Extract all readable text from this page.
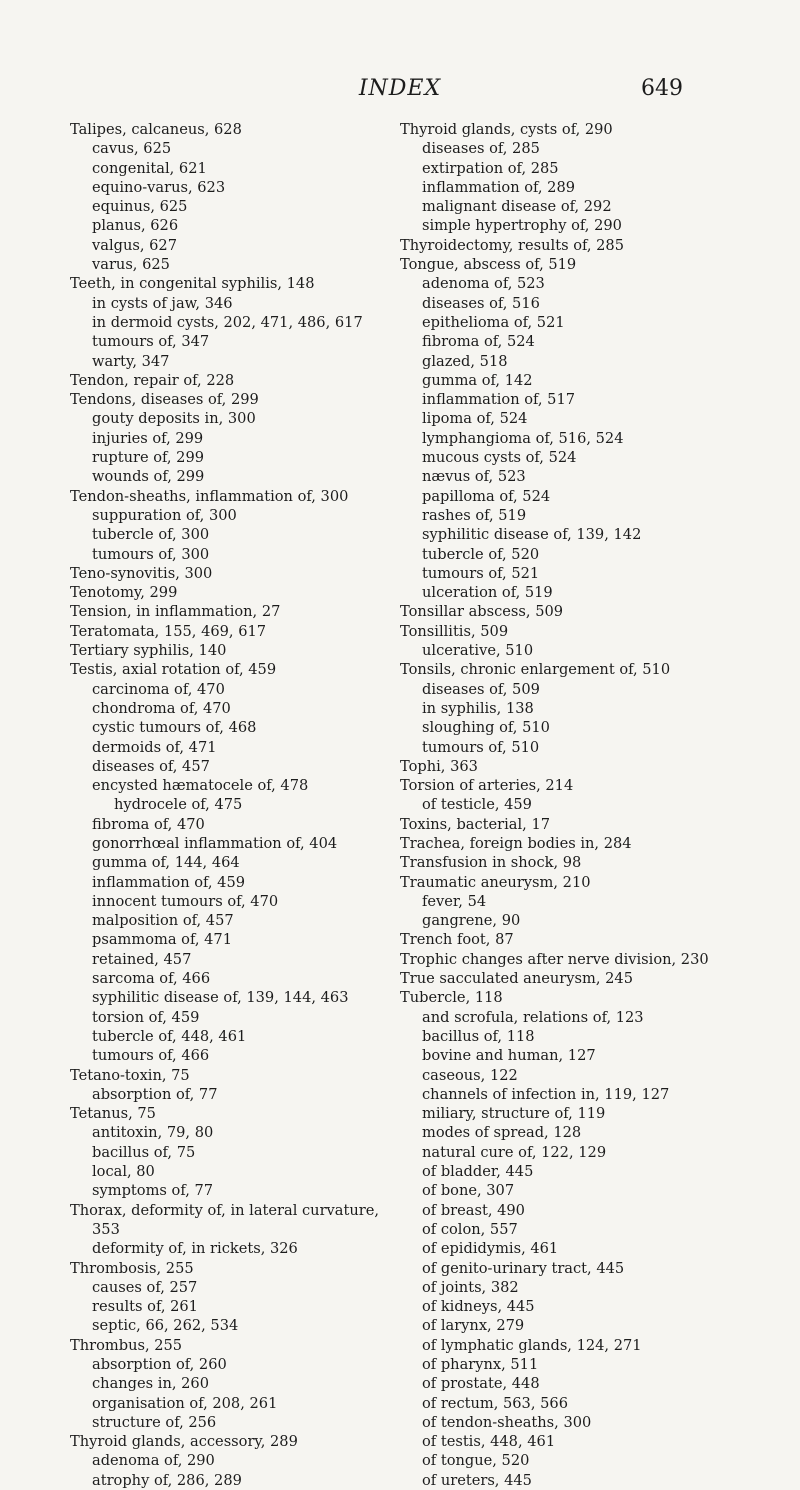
INDEX	649
Talipes, calcaneus, 628
cavus, 625
congenital, 621
equino-varus, 623
equinus, 625
planus, 626
valgus, 627
varus, 625
Teeth, in congenital syphilis, 148
in cysts of jaw, 346
in dermoid cysts, 202, 471, 486, 617
tumours of, 347
warty, 347
Tendon, repair of, 228
Tendons, diseases of, 299
gouty deposits in, 300
injuries of, 299
rupture of, 299
wounds of, 299
Tendon-sheaths, inflammation of, 300
suppuration of, 300
tubercle of, 300
tumours of, 300
Teno-synovitis, 300
Tenotomy, 299
Tension, in inflammation, 27
Teratomata, 155, 469, 617
Tertiary syphilis, 140
Testis, axial rotation of, 459
carcinoma of, 470
chondroma of, 470
cystic tumours of, 468
dermoids of, 471
diseases of, 457
encysted hæmatocele of, 478
hydrocele of, 475
fibroma of, 470
gonorrhœal inflammation of, 404
gumma of, 144, 464
inflammation of, 459
innocent tumours of, 470
malposition of, 457
psammoma of, 471
retained, 457
sarcoma of, 466
syphilitic disease of, 139, 144, 463
torsion of, 459
tubercle of, 448, 461
tumours of, 466
Tetano-toxin, 75
absorption of, 77
Tetanus, 75
antitoxin, 79, 80
bacillus of, 75
local, 80
symptoms of, 77
Thorax, deformity of, in lateral curvature,
353
deformity of, in rickets, 326
Thrombosis, 255
causes of, 257
results of, 261
septic, 66, 262, 534
Thrombus, 255
absorption of, 260
changes in, 260
organisation of, 208, 261
structure of, 256
Thyroid glands, accessory, 289
adenoma of, 290
atrophy of, 286, 289
Thyroid glands, cysts of, 290
diseases of, 285
extirpation of, 285
inflammation of, 289
malignant disease of, 292
simple hypertrophy of, 290
Thyroidectomy, results of, 285
Tongue, abscess of, 519
adenoma of, 523
diseases of, 516
epithelioma of, 521
fibroma of, 524
glazed, 518
gumma of, 142
inflammation of, 517
lipoma of, 524
lymphangioma of, 516, 524
mucous cysts of, 524
nævus of, 523
papilloma of, 524
rashes of, 519
syphilitic disease of, 139, 142
tubercle of, 520
tumours of, 521
ulceration of, 519
Tonsillar abscess, 509
Tonsillitis, 509
ulcerative, 510
Tonsils, chronic enlargement of, 510
diseases of, 509
in syphilis, 138
sloughing of, 510
tumours of, 510
Tophi, 363
Torsion of arteries, 214
of testicle, 459
Toxins, bacterial, 17
Trachea, foreign bodies in, 284
Transfusion in shock, 98
Traumatic aneurysm, 210
fever, 54
gangrene, 90
Trench foot, 87
Trophic changes after nerve division, 230
True sacculated aneurysm, 245
Tubercle, 118
and scrofula, relations of, 123
bacillus of, 118
bovine and human, 127
caseous, 122
channels of infection in, 119, 127
miliary, structure of, 119
modes of spread, 128
natural cure of, 122, 129
of bladder, 445
of bone, 307
of breast, 490
of colon, 557
of epididymis, 461
of genito-urinary tract, 445
of joints, 382
of kidneys, 445
of larynx, 279
of lymphatic glands, 124, 271
of pharynx, 511
of prostate, 448
of rectum, 563, 566
of tendon-sheaths, 300
of testis, 448, 461
of tongue, 520
of ureters, 445
